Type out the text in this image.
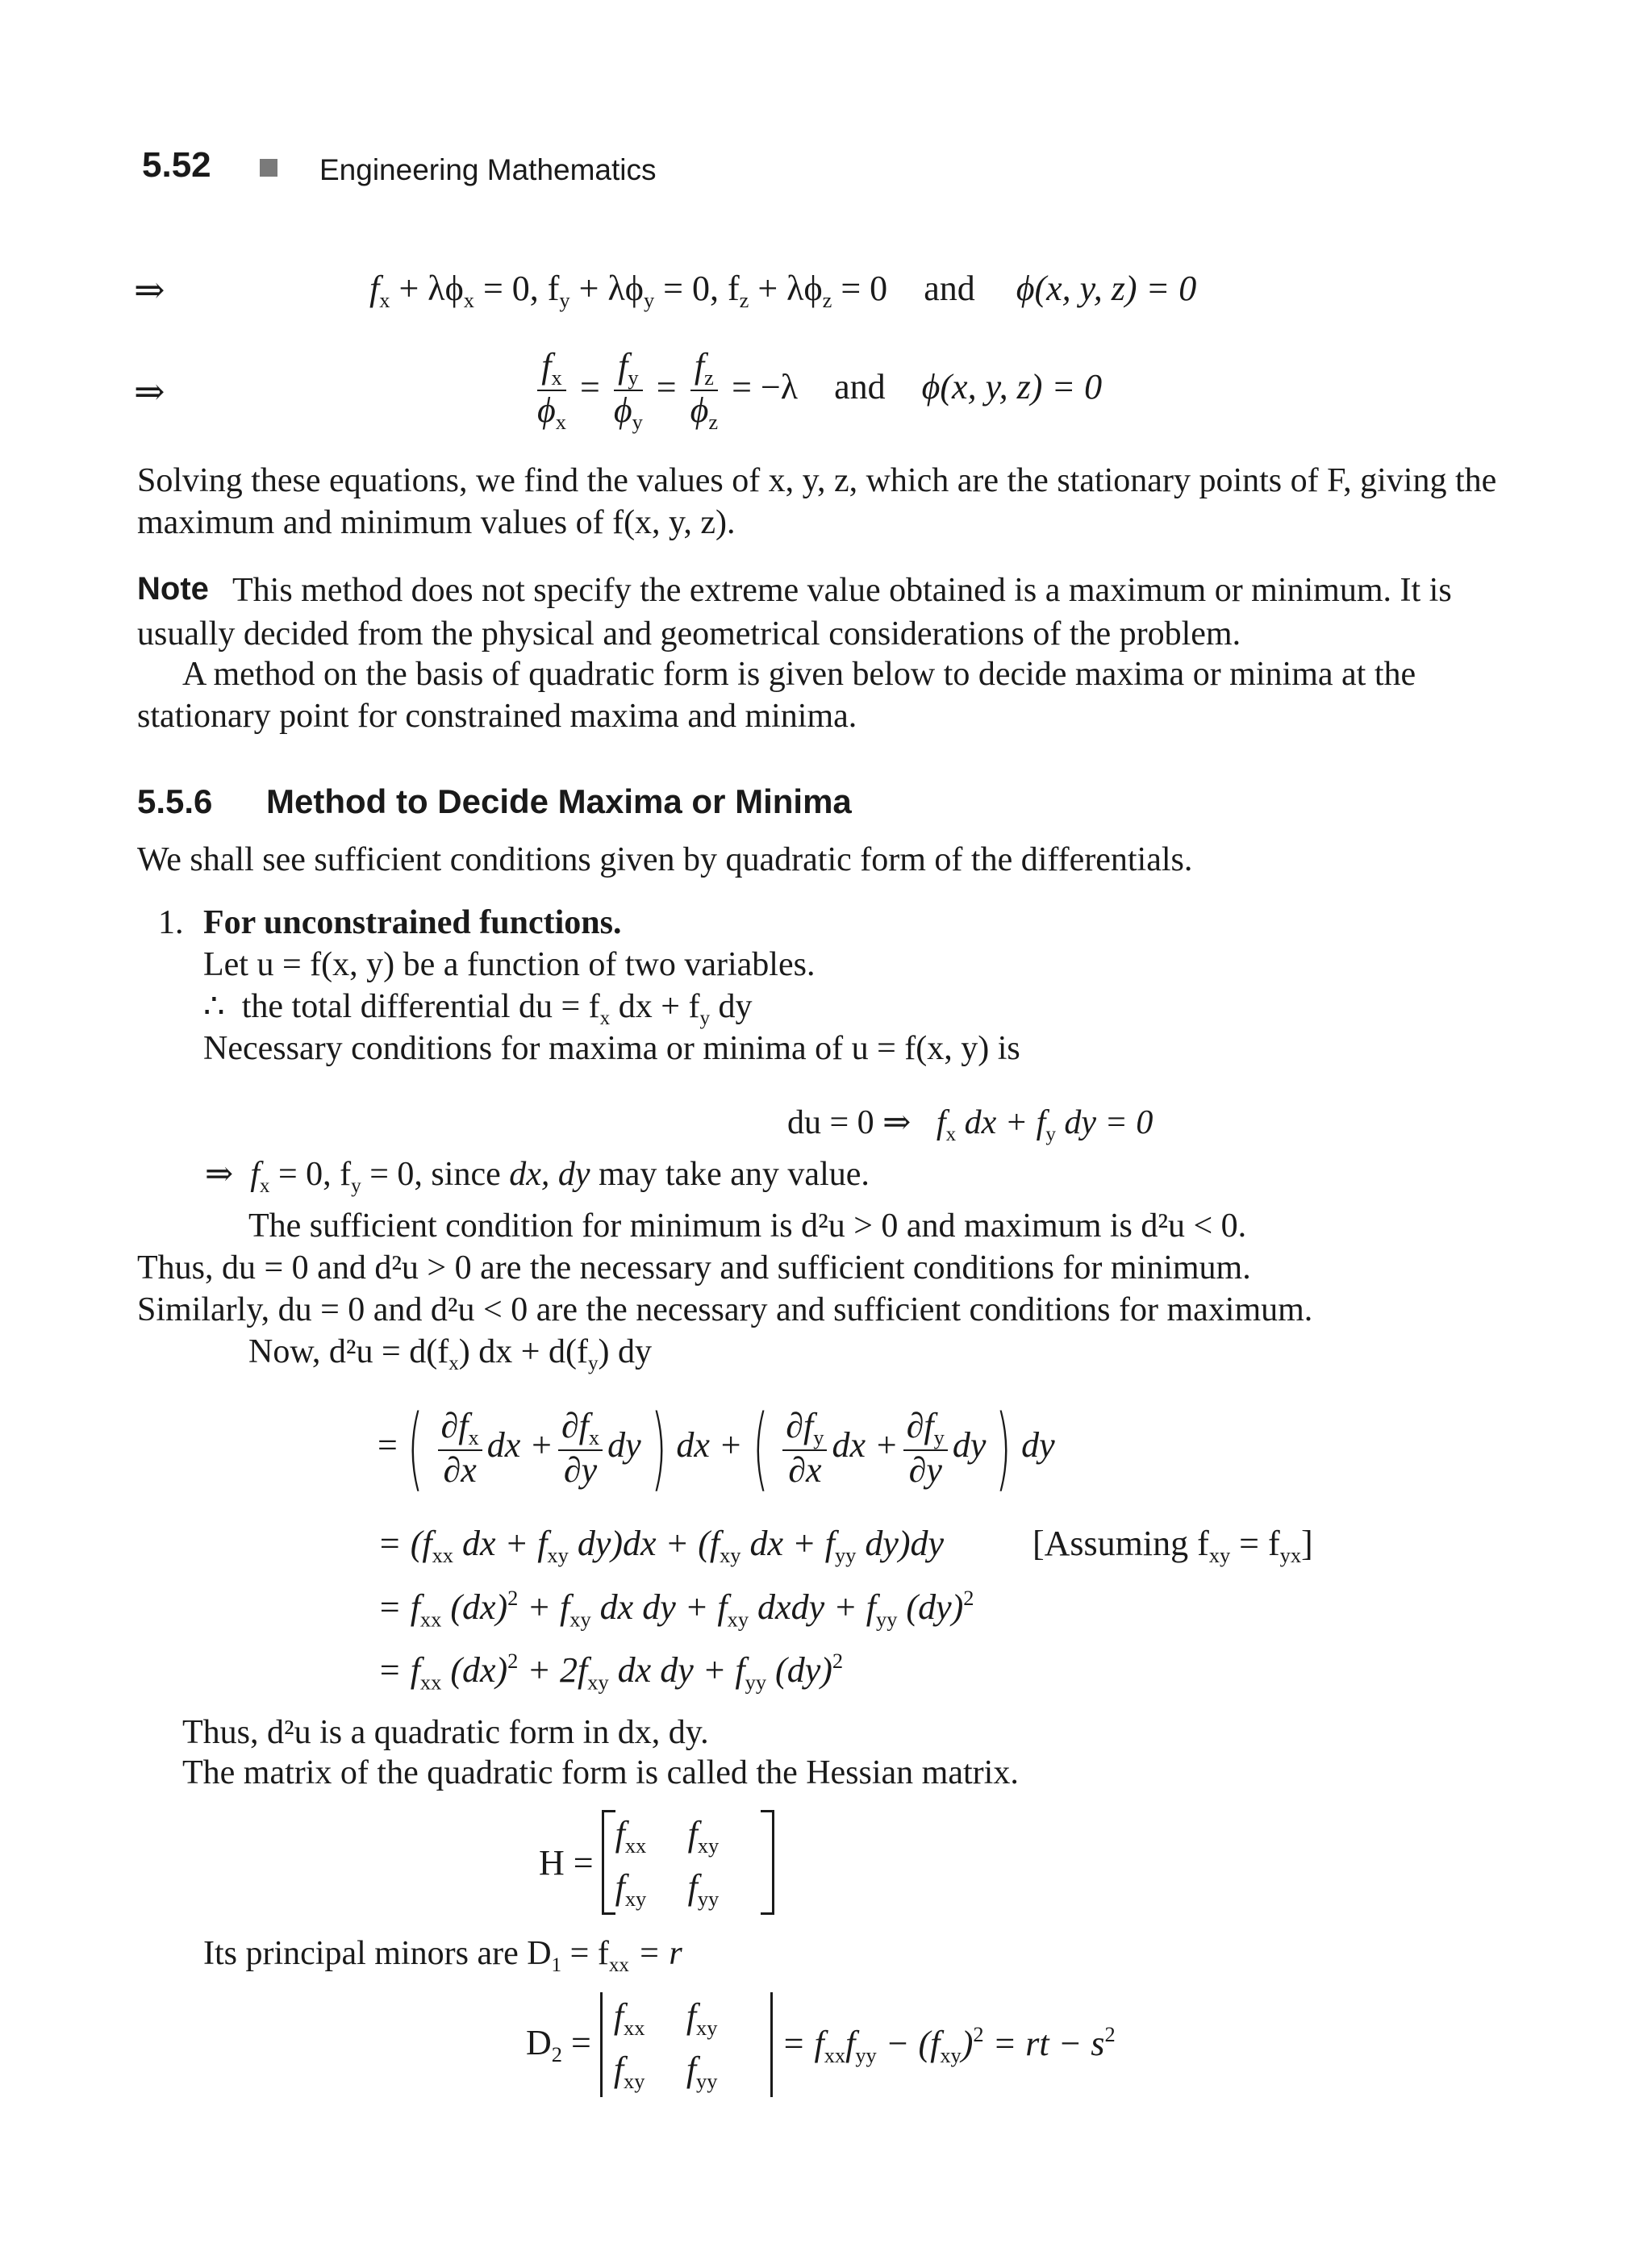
5.52	Engineering Mathematics
⇒	$f_x + \lambda\phi_x = 0$, $f_y + \lambda\phi_y = 0$, $f_z + \lambda\phi_z = 0$ and ϕ(x, y, z) = 0
⇒	$\frac{f_x}{\phi_x} = \frac{f_y}{\phi_y} = \frac{f_z}{\phi_z} = -\lambda$ and ϕ(x, y, z) = 0
Solving these equations, we find the values of x, y, z, which are the stationary points of F, giving the
maximum and minimum values of f(x, y, z).
Note This method does not specify the extreme value obtained is a maximum or minimum. It is
usually decided from the physical and geometrical considerations of the problem.
A method on the basis of quadratic form is given below to decide maxima or minima at the
stationary point for constrained maxima and minima.
5.5.6 Method to Decide Maxima or Minima
We shall see sufficient conditions given by quadratic form of the differentials.
1. For unconstrained functions.
Let u = f(x, y) be a function of two variables.
∴ the total differential du = $f_x$ dx + $f_y$ dy
Necessary conditions for maxima or minima of u = f(x, y) is
du = 0 ⇒ $f_x$ dx + $f_y$ dy = 0
⇒ $f_x = 0$, $f_y = 0$, since dx, dy may take any value.
The sufficient condition for minimum is d²u > 0 and maximum is d²u < 0.
Thus, du = 0 and d²u > 0 are the necessary and sufficient conditions for minimum.
Similarly, du = 0 and d²u < 0 are the necessary and sufficient conditions for maximum.
Now, $d^2u = d(f_x)$ dx + $d(f_y)$ dy
= ( $\frac{\partial f_x}{\partial x}$ dx + $\frac{\partial f_x}{\partial y}$ dy ) dx + ( $\frac{\partial f_y}{\partial x}$ dx + $\frac{\partial f_y}{\partial y}$ dy ) dy
= ($f_{xx}$ dx + $f_{xy}$ $dy)dx + (f_{xy}$ dx + $f_{yy}$ dy)dy [Assuming $f_{xy} = f_{yx}$]
= $f_{xx}$ $(dx)^2 + f_{xy}$ dx dy + $f_{xy}$ dxdy + $f_{yy}$ (dy)$^2$
= $f_{xx}$ $(dx)^2 + 2f_{xy}$ dx dy + $f_{yy}$ (dy)$^2$
Thus, d²u is a quadratic form in dx, dy.
The matrix of the quadratic form is called the Hessian matrix.
H =
$f_{xx}$	$f_{xy}$
$f_{xy}$	$f_{yy}$
Its principal minors are $D_1 = f_{xx} = r$
$D_2$ =
$f_{xx}$	$f_{xy}$
$f_{xy}$	$f_{yy}$
= $f_{xx}f_{yy} - (f_{xy})^2$ = rt − $s^2$
